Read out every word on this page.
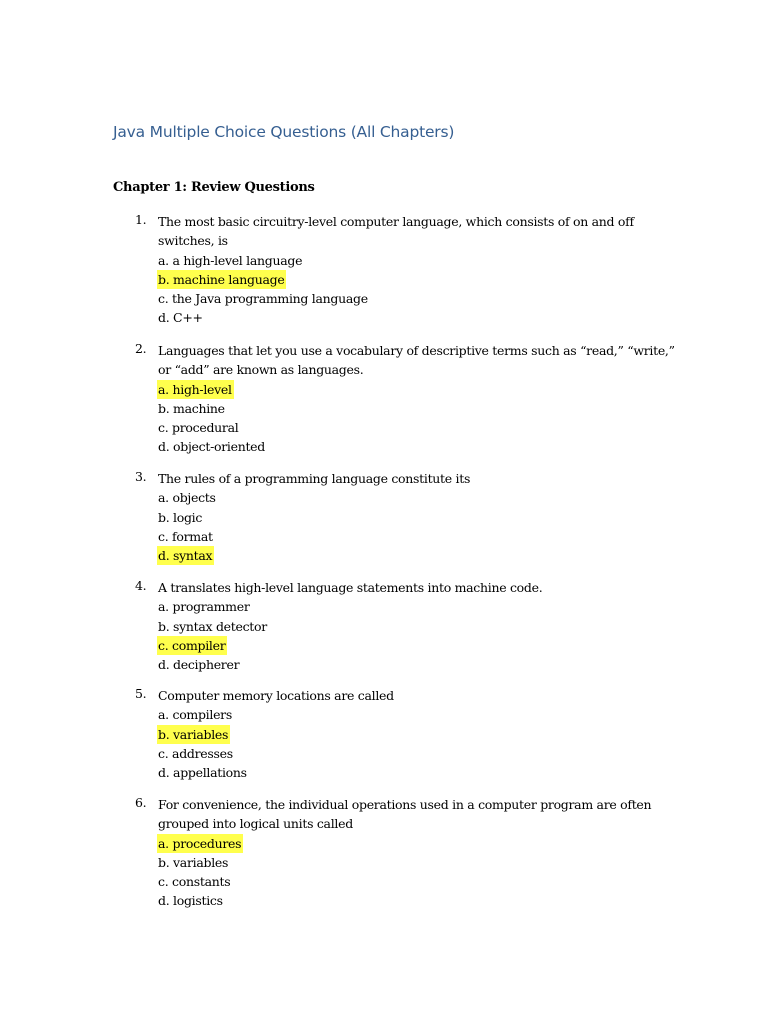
Java Multiple Choice Questions (All Chapters)
Chapter 1: Review Questions
1. The most basic circuitry-level computer language, which consists of on and off
switches, is
a. a high-level language
b. machine language
c. the Java programming language
d. C++
2. Languages that let you use a vocabulary of descriptive terms such as “read,” “write,”
or “add” are known as languages.
a. high-level
b. machine
c. procedural
d. object-oriented
3. The rules of a programming language constitute its
a. objects
b. logic
c. format
d. syntax
4. A translates high-level language statements into machine code.
a. programmer
b. syntax detector
c. compiler
d. decipherer
5. Computer memory locations are called
a. compilers
b. variables
c. addresses
d. appellations
6. For convenience, the individual operations used in a computer program are often
grouped into logical units called
a. procedures
b. variables
c. constants
d. logistics
